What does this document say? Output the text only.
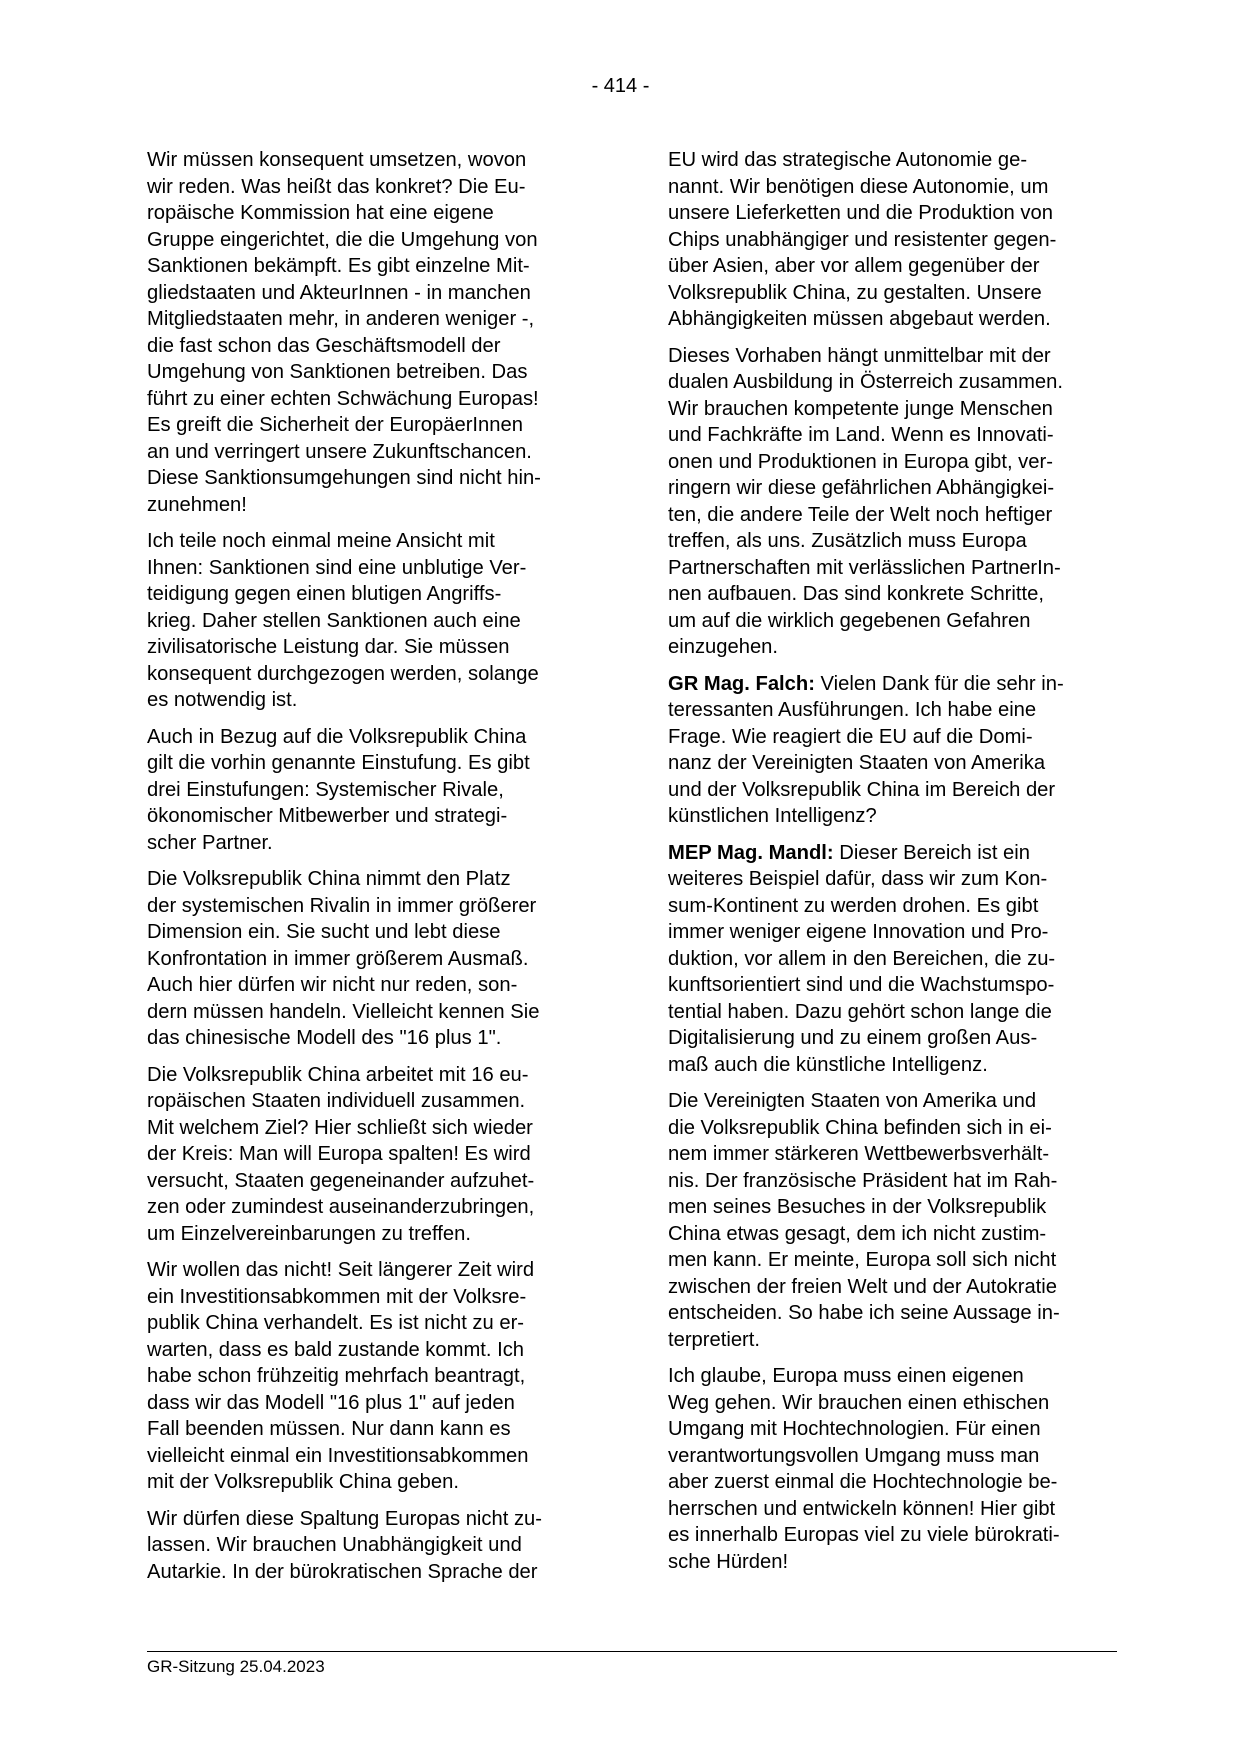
- 414 -

Wir müssen konsequent umsetzen, wovon
wir reden. Was heißt das konkret? Die Eu-
ropäische Kommission hat eine eigene
Gruppe eingerichtet, die die Umgehung von
Sanktionen bekämpft. Es gibt einzelne Mit-
gliedstaaten und AkteurInnen - in manchen
Mitgliedstaaten mehr, in anderen weniger -,
die fast schon das Geschäftsmodell der
Umgehung von Sanktionen betreiben. Das
führt zu einer echten Schwächung Europas!
Es greift die Sicherheit der EuropäerInnen
an und verringert unsere Zukunftschancen.
Diese Sanktionsumgehungen sind nicht hin-
zunehmen!

Ich teile noch einmal meine Ansicht mit
Ihnen: Sanktionen sind eine unblutige Ver-
teidigung gegen einen blutigen Angriffs-
krieg. Daher stellen Sanktionen auch eine
zivilisatorische Leistung dar. Sie müssen
konsequent durchgezogen werden, solange
es notwendig ist.

Auch in Bezug auf die Volksrepublik China
gilt die vorhin genannte Einstufung. Es gibt
drei Einstufungen: Systemischer Rivale,
ökonomischer Mitbewerber und strategi-
scher Partner.

Die Volksrepublik China nimmt den Platz
der systemischen Rivalin in immer größerer
Dimension ein. Sie sucht und lebt diese
Konfrontation in immer größerem Ausmaß.
Auch hier dürfen wir nicht nur reden, son-
dern müssen handeln. Vielleicht kennen Sie
das chinesische Modell des "16 plus 1".

Die Volksrepublik China arbeitet mit 16 eu-
ropäischen Staaten individuell zusammen.
Mit welchem Ziel? Hier schließt sich wieder
der Kreis: Man will Europa spalten! Es wird
versucht, Staaten gegeneinander aufzuhet-
zen oder zumindest auseinanderzubringen,
um Einzelvereinbarungen zu treffen.

Wir wollen das nicht! Seit längerer Zeit wird
ein Investitionsabkommen mit der Volksre-
publik China verhandelt. Es ist nicht zu er-
warten, dass es bald zustande kommt. Ich
habe schon frühzeitig mehrfach beantragt,
dass wir das Modell "16 plus 1" auf jeden
Fall beenden müssen. Nur dann kann es
vielleicht einmal ein Investitionsabkommen
mit der Volksrepublik China geben.

Wir dürfen diese Spaltung Europas nicht zu-
lassen. Wir brauchen Unabhängigkeit und
Autarkie. In der bürokratischen Sprache der

EU wird das strategische Autonomie ge-
nannt. Wir benötigen diese Autonomie, um
unsere Lieferketten und die Produktion von
Chips unabhängiger und resistenter gegen-
über Asien, aber vor allem gegenüber der
Volksrepublik China, zu gestalten. Unsere
Abhängigkeiten müssen abgebaut werden.

Dieses Vorhaben hängt unmittelbar mit der
dualen Ausbildung in Österreich zusammen.
Wir brauchen kompetente junge Menschen
und Fachkräfte im Land. Wenn es Innovati-
onen und Produktionen in Europa gibt, ver-
ringern wir diese gefährlichen Abhängigkei-
ten, die andere Teile der Welt noch heftiger
treffen, als uns. Zusätzlich muss Europa
Partnerschaften mit verlässlichen PartnerIn-
nen aufbauen. Das sind konkrete Schritte,
um auf die wirklich gegebenen Gefahren
einzugehen.

GR Mag. Falch: Vielen Dank für die sehr in-
teressanten Ausführungen. Ich habe eine
Frage. Wie reagiert die EU auf die Domi-
nanz der Vereinigten Staaten von Amerika
und der Volksrepublik China im Bereich der
künstlichen Intelligenz?

MEP Mag. Mandl: Dieser Bereich ist ein
weiteres Beispiel dafür, dass wir zum Kon-
sum-Kontinent zu werden drohen. Es gibt
immer weniger eigene Innovation und Pro-
duktion, vor allem in den Bereichen, die zu-
kunftsorientiert sind und die Wachstumspo-
tential haben. Dazu gehört schon lange die
Digitalisierung und zu einem großen Aus-
maß auch die künstliche Intelligenz.

Die Vereinigten Staaten von Amerika und
die Volksrepublik China befinden sich in ei-
nem immer stärkeren Wettbewerbsverhält-
nis. Der französische Präsident hat im Rah-
men seines Besuches in der Volksrepublik
China etwas gesagt, dem ich nicht zustim-
men kann. Er meinte, Europa soll sich nicht
zwischen der freien Welt und der Autokratie
entscheiden. So habe ich seine Aussage in-
terpretiert.

Ich glaube, Europa muss einen eigenen
Weg gehen. Wir brauchen einen ethischen
Umgang mit Hochtechnologien. Für einen
verantwortungsvollen Umgang muss man
aber zuerst einmal die Hochtechnologie be-
herrschen und entwickeln können! Hier gibt
es innerhalb Europas viel zu viele bürokrati-
sche Hürden!

GR-Sitzung 25.04.2023
